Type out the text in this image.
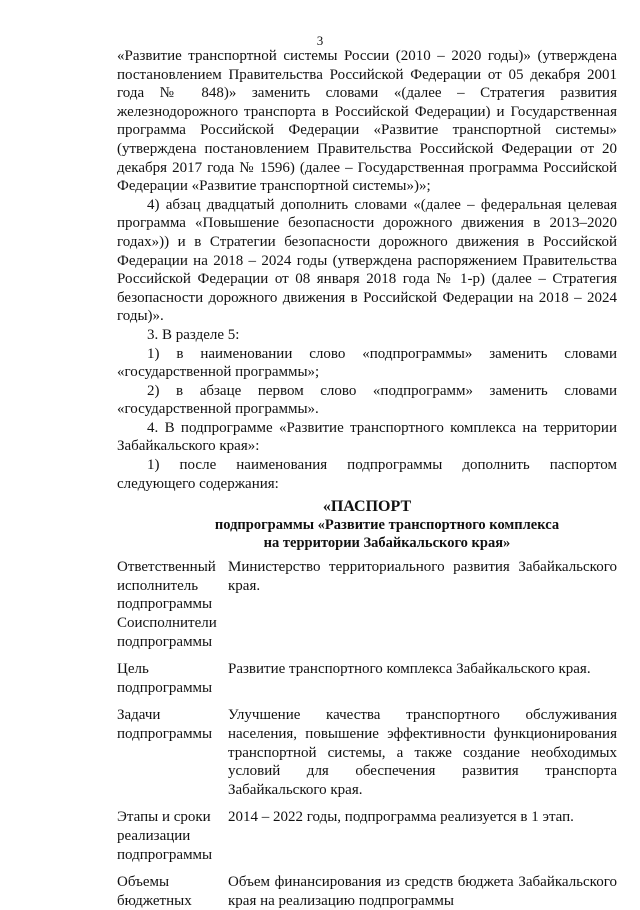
3

«Развитие транспортной системы России (2010 – 2020 годы)» (утверждена постановлением Правительства Российской Федерации от 05 декабря 2001 года № 848)» заменить словами «(далее – Стратегия развития железнодорожного транспорта в Российской Федерации) и Государственная программа Российской Федерации «Развитие транспортной системы» (утверждена постановлением Правительства Российской Федерации от 20 декабря 2017 года № 1596) (далее – Государственная программа Российской Федерации «Развитие транспортной системы»)»;

4) абзац двадцатый дополнить словами «(далее – федеральная целевая программа «Повышение безопасности дорожного движения в 2013–2020 годах»)) и в Стратегии безопасности дорожного движения в Российской Федерации на 2018 – 2024 годы (утверждена распоряжением Правительства Российской Федерации от 08 января 2018 года № 1-р) (далее – Стратегия безопасности дорожного движения в Российской Федерации на 2018 – 2024 годы)».

3. В разделе 5:

1) в наименовании слово «подпрограммы» заменить словами «государственной программы»;

2) в абзаце первом слово «подпрограмм» заменить словами «государственной программы».

4. В подпрограмме «Развитие транспортного комплекса на территории Забайкальского края»:

1) после наименования подпрограммы дополнить паспортом следующего содержания:

«ПАСПОРТ

подпрограммы «Развитие транспортного комплекса

на территории Забайкальского края»

Ответственный исполнитель подпрограммы
Министерство территориального развития Забайкальского края.
Соисполнители подпрограммы
Цель подпрограммы
Развитие транспортного комплекса Забайкальского края.
Задачи подпрограммы
Улучшение качества транспортного обслуживания населения, повышение эффективности функционирования транспортной системы, а также создание необходимых условий для обеспечения развития транспорта Забайкальского края.
Этапы и сроки реализации подпрограммы
2014 – 2022 годы, подпрограмма реализуется в 1 этап.
Объемы бюджетных
Объем финансирования из средств бюджета Забайкальского края на реализацию подпрограммы
